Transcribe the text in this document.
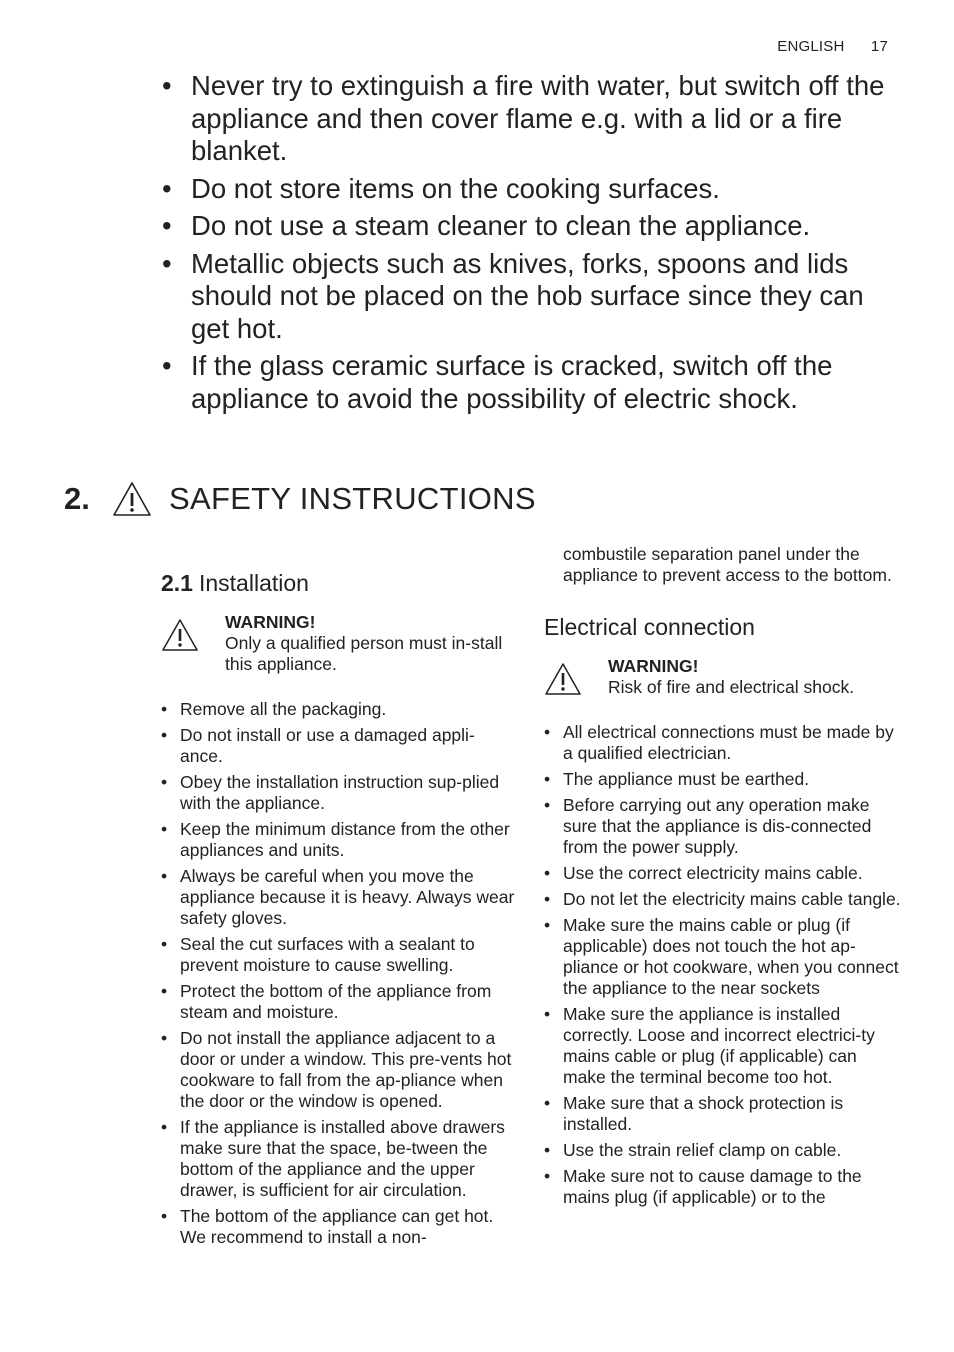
ENGLISH 17
• Never try to extinguish a fire with water, but switch off the appliance and then cover flame e.g. with a lid or a fire blanket.
• Do not store items on the cooking surfaces.
• Do not use a steam cleaner to clean the appliance.
• Metallic objects such as knives, forks, spoons and lids should not be placed on the hob surface since they can get hot.
• If the glass ceramic surface is cracked, switch off the appliance to avoid the possibility of electric shock.
2.	SAFETY INSTRUCTIONS
2.1 Installation
WARNING!
Only a qualified person must in-stall this appliance.
• Remove all the packaging.
• Do not install or use a damaged appli-ance.
• Obey the installation instruction sup-plied with the appliance.
• Keep the minimum distance from the other appliances and units.
• Always be careful when you move the appliance because it is heavy. Always wear safety gloves.
• Seal the cut surfaces with a sealant to prevent moisture to cause swelling.
• Protect the bottom of the appliance from steam and moisture.
• Do not install the appliance adjacent to a door or under a window. This pre-vents hot cookware to fall from the ap-pliance when the door or the window is opened.
• If the appliance is installed above drawers make sure that the space, be-tween the bottom of the appliance and the upper drawer, is sufficient for air circulation.
• The bottom of the appliance can get hot. We recommend to install a non-

combustile separation panel under the appliance to prevent access to the bottom.

Electrical connection
WARNING!
Risk of fire and electrical shock.
• All electrical connections must be made by a qualified electrician.
• The appliance must be earthed.
• Before carrying out any operation make sure that the appliance is dis-connected from the power supply.
• Use the correct electricity mains cable.
• Do not let the electricity mains cable tangle.
• Make sure the mains cable or plug (if applicable) does not touch the hot ap-pliance or hot cookware, when you connect the appliance to the near sockets
• Make sure the appliance is installed correctly. Loose and incorrect electrici-ty mains cable or plug (if applicable) can make the terminal become too hot.
• Make sure that a shock protection is installed.
• Use the strain relief clamp on cable.
• Make sure not to cause damage to the mains plug (if applicable) or to the
